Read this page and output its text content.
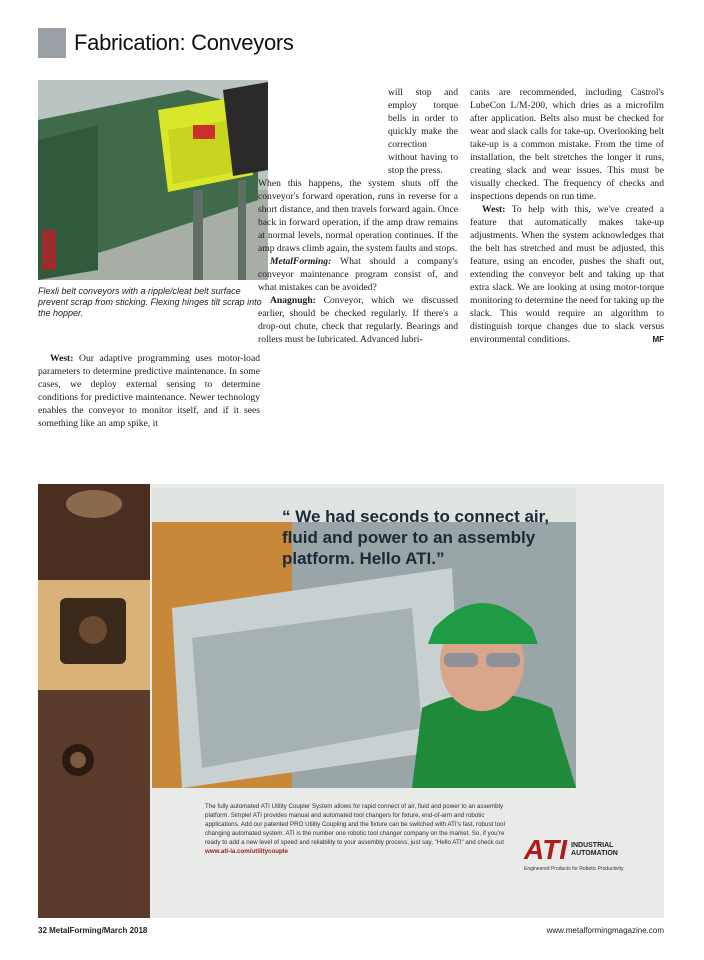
Fabrication: Conveyors
Flexli belt conveyors with a ripple/cleat belt surface prevent scrap from sticking. Flexing hinges tilt scrap into the hopper.

West: Our adaptive programming uses motor-load parameters to determine predictive maintenance. In some cases, we deploy external sensing to determine conditions for predictive maintenance. Newer technology enables the conveyor to monitor itself, and if it sees something like an amp spike, it

will stop and employ torque bells in order to quickly make the correction without having to stop the press.

When this happens, the system shuts off the conveyor's forward operation, runs in reverse for a short distance, and then travels forward again. Once back in forward operation, if the amp draw remains at normal levels, normal operation continues. If the amp draws climb again, the system faults and stops.

MetalForming: What should a company's conveyor maintenance program consist of, and what mistakes can be avoided?

Anagnugh: Conveyor, which we discussed earlier, should be checked regularly. If there's a drop-out chute, check that regularly. Bearings and rollers must be lubricated. Advanced lubri-

cants are recommended, including Castrol's LubeCon L/M-200, which dries as a microfilm after application. Belts also must be checked for wear and slack calls for take-up. Overlooking belt take-up is a common mistake. From the time of installation, the belt stretches the longer it runs, creating slack and wear issues. This must be visually checked. The frequency of checks and inspections depends on run time.

West: To help with this, we've created a feature that automatically makes take-up adjustments. When the system acknowledges that the belt has stretched and must be adjusted, this feature, using an encoder, pushes the shaft out, extending the conveyor belt and taking up that extra slack. We are looking at using motor-torque monitoring to determine the need for taking up the slack. This would require an algorithm to distinguish torque changes due to slack versus environmental conditions.	MF

“ We had seconds to connect air, fluid and power to an assembly platform. Hello ATI.”
The fully automated ATI Utility Coupler System allows for rapid connect of air, fluid and power to an assembly platform. Simple! ATI provides manual and automated tool changers for fixture, end-of-arm and robotic applications. Add our patented PRO Utility Coupling and the fixture can be switched with ATI's fast, robust tool changing automated system. ATI is the number one robotic tool changer company on the market. So, if you're ready to add a new level of speed and reliability to your assembly process, just say, "Hello ATI" and check out www.ati-ia.com/utilitycouple	ATI INDUSTRIAL
AUTOMATION
Engineered Products for Robotic Productivity
32 MetalForming/March 2018	www.metalformingmagazine.com
